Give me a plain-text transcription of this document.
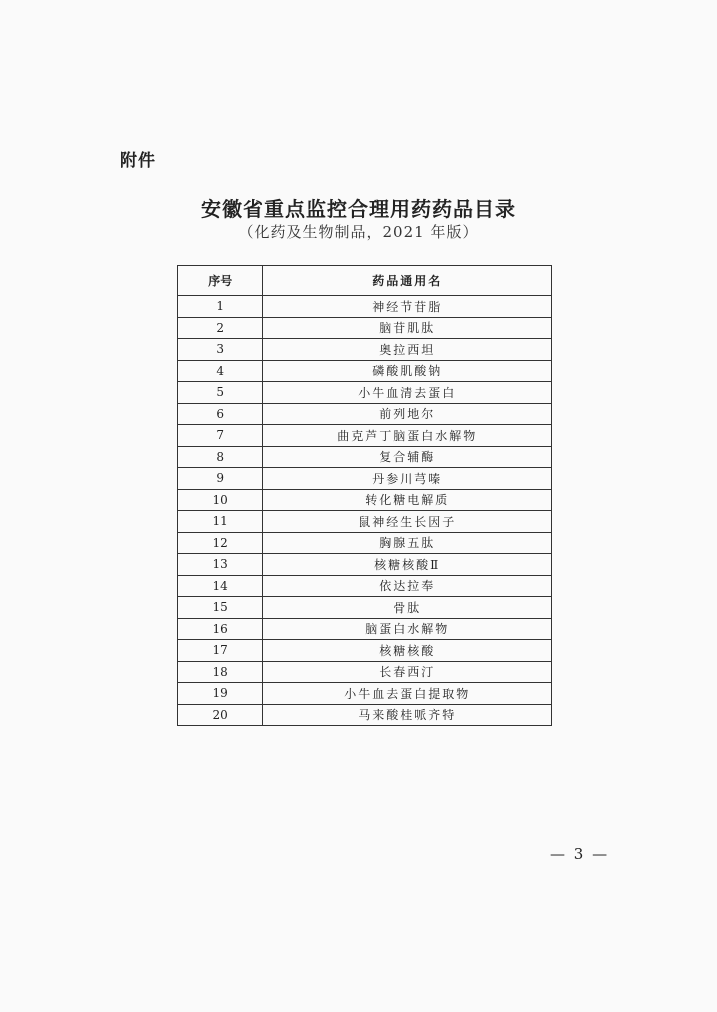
附件
安徽省重点监控合理用药药品目录
（化药及生物制品，2021 年版）
序号	药品通用名
1	神经节苷脂
2	脑苷肌肽
3	奥拉西坦
4	磷酸肌酸钠
5	小牛血清去蛋白
6	前列地尔
7	曲克芦丁脑蛋白水解物
8	复合辅酶
9	丹参川芎嗪
10	转化糖电解质
11	鼠神经生长因子
12	胸腺五肽
13	核糖核酸Ⅱ
14	依达拉奉
15	骨肽
16	脑蛋白水解物
17	核糖核酸
18	长春西汀
19	小牛血去蛋白提取物
20	马来酸桂哌齐特
— 3 —
